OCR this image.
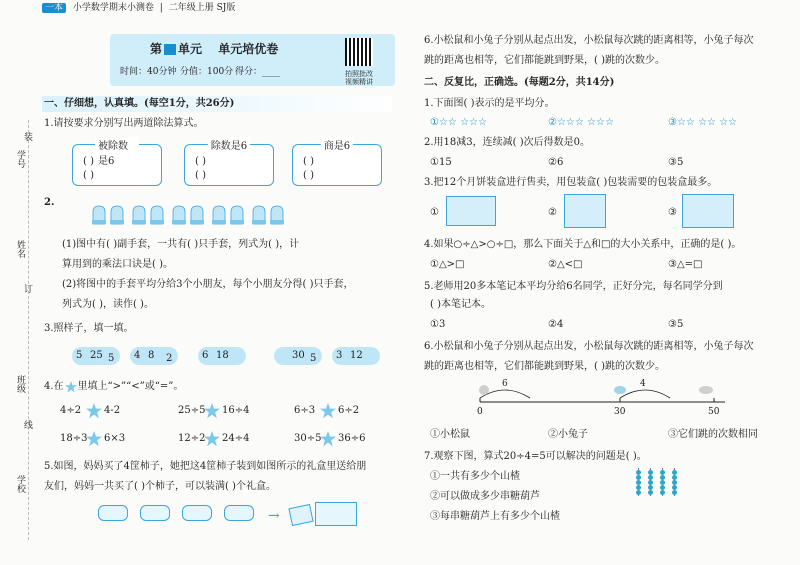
一本 小学数学期末小测卷 | 二年级上册 SJ版
学号
姓名
班级
学校
装
订
线
第 单元 单元培优卷
时间：40分钟 分值：100分 得分：____	拍照批改
视频精讲
一、仔细想，认真填。(每空1分，共26分)
1.请按要求分别写出两道除法算式。
被除数是6
( )
( )
除数是6
( )
( )
商是6
( )
( )
2.
(1)图中有( )副手套，一共有( )只手套，列式为( )，计
算用到的乘法口诀是( )。
(2)将图中的手套平均分给3个小朋友，每个小朋友分得( )只手套，
列式为( )，读作( )。
3.照样子，填一填。
5 25 5 4 8 2	6 18	30 5 3 12
4.在 里填上“>”“<”或“=”。
4÷2 4-2	25÷5 16÷4	6÷3 6÷2
18÷3 6×3	12÷2 24÷4	30÷5 36÷6
5.如图，妈妈买了4筐柿子，她把这4筐柿子装到如图所示的礼盒里送给朋
友们，妈妈一共买了( )个柿子，可以装满( )个礼盒。
→
6.小松鼠和小兔子分别从起点出发，小松鼠每次跳的距离相等，小兔子每次
跳的距离也相等，它们都能跳到野果，( )跳的次数少。
二、反复比，正确选。(每题2分，共14分)
1.下面图( )表示的是平均分。
①☆☆ ☆☆☆	②☆☆☆ ☆☆☆	③☆☆ ☆☆ ☆☆
2.用18减3，连续减( )次后得数是0。
①15	②6	③5
3.把12个月饼装盒进行售卖，用包装盒( )包装需要的包装盒最多。
①	②	③
4.如果○÷△>○÷□，那么下面关于△和□的大小关系中，正确的是( )。
①△>□	②△<□	③△=□
5.老师用20多本笔记本平均分给6名同学，正好分完，每名同学分到
( )本笔记本。
①3	②4	③5
6.小松鼠和小兔子分别从起点出发，小松鼠每次跳的距离相等，小兔子每次
跳的距离也相等，它们都能跳到野果，( )跳的次数少。
6	4
0	30	50
①小松鼠	②小兔子	③它们跳的次数相同
7.观察下图，算式20÷4=5可以解决的问题是( )。
①一共有多少个山楂
②可以做成多少串糖葫芦
③每串糖葫芦上有多少个山楂
